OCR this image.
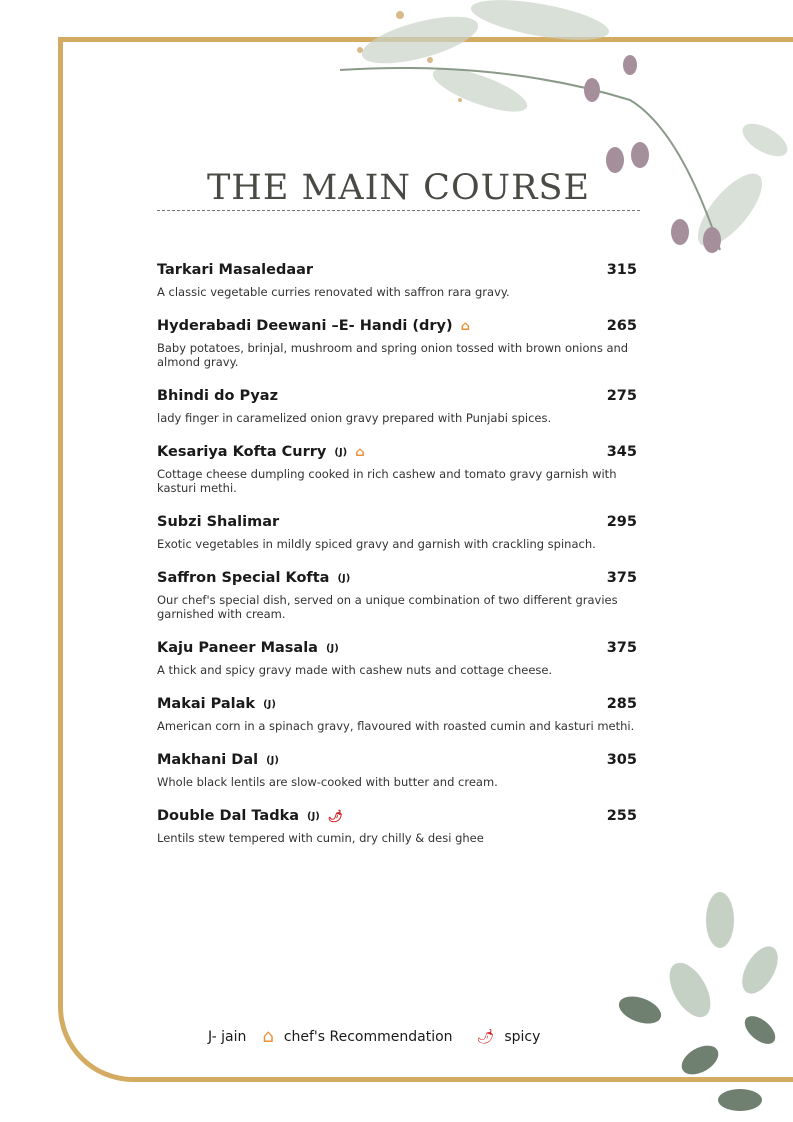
THE MAIN COURSE
Tarkari Masaledaar	315
A classic vegetable curries renovated with saffron rara gravy.
Hyderabadi Deewani –E- Handi (dry) ⌂	265
Baby potatoes, brinjal, mushroom and spring onion tossed with brown onions and almond gravy.
Bhindi do Pyaz	275
lady finger in caramelized onion gravy prepared with Punjabi spices.
Kesariya Kofta Curry (J) ⌂	345
Cottage cheese dumpling cooked in rich cashew and tomato gravy garnish with kasturi methi.
Subzi Shalimar	295
Exotic vegetables in mildly spiced gravy and garnish with crackling spinach.
Saffron Special Kofta (J)	375
Our chef's special dish, served on a unique combination of two different gravies garnished with cream.
Kaju Paneer Masala (J)	375
A thick and spicy gravy made with cashew nuts and cottage cheese.
Makai Palak (J)	285
American corn in a spinach gravy, flavoured with roasted cumin and kasturi methi.
Makhani Dal (J)	305
Whole black lentils are slow-cooked with butter and cream.
Double Dal Tadka (J) 🌶	255
Lentils stew tempered with cumin, dry chilly & desi ghee
J- jain ⌂ chef's Recommendation 🌶 spicy
